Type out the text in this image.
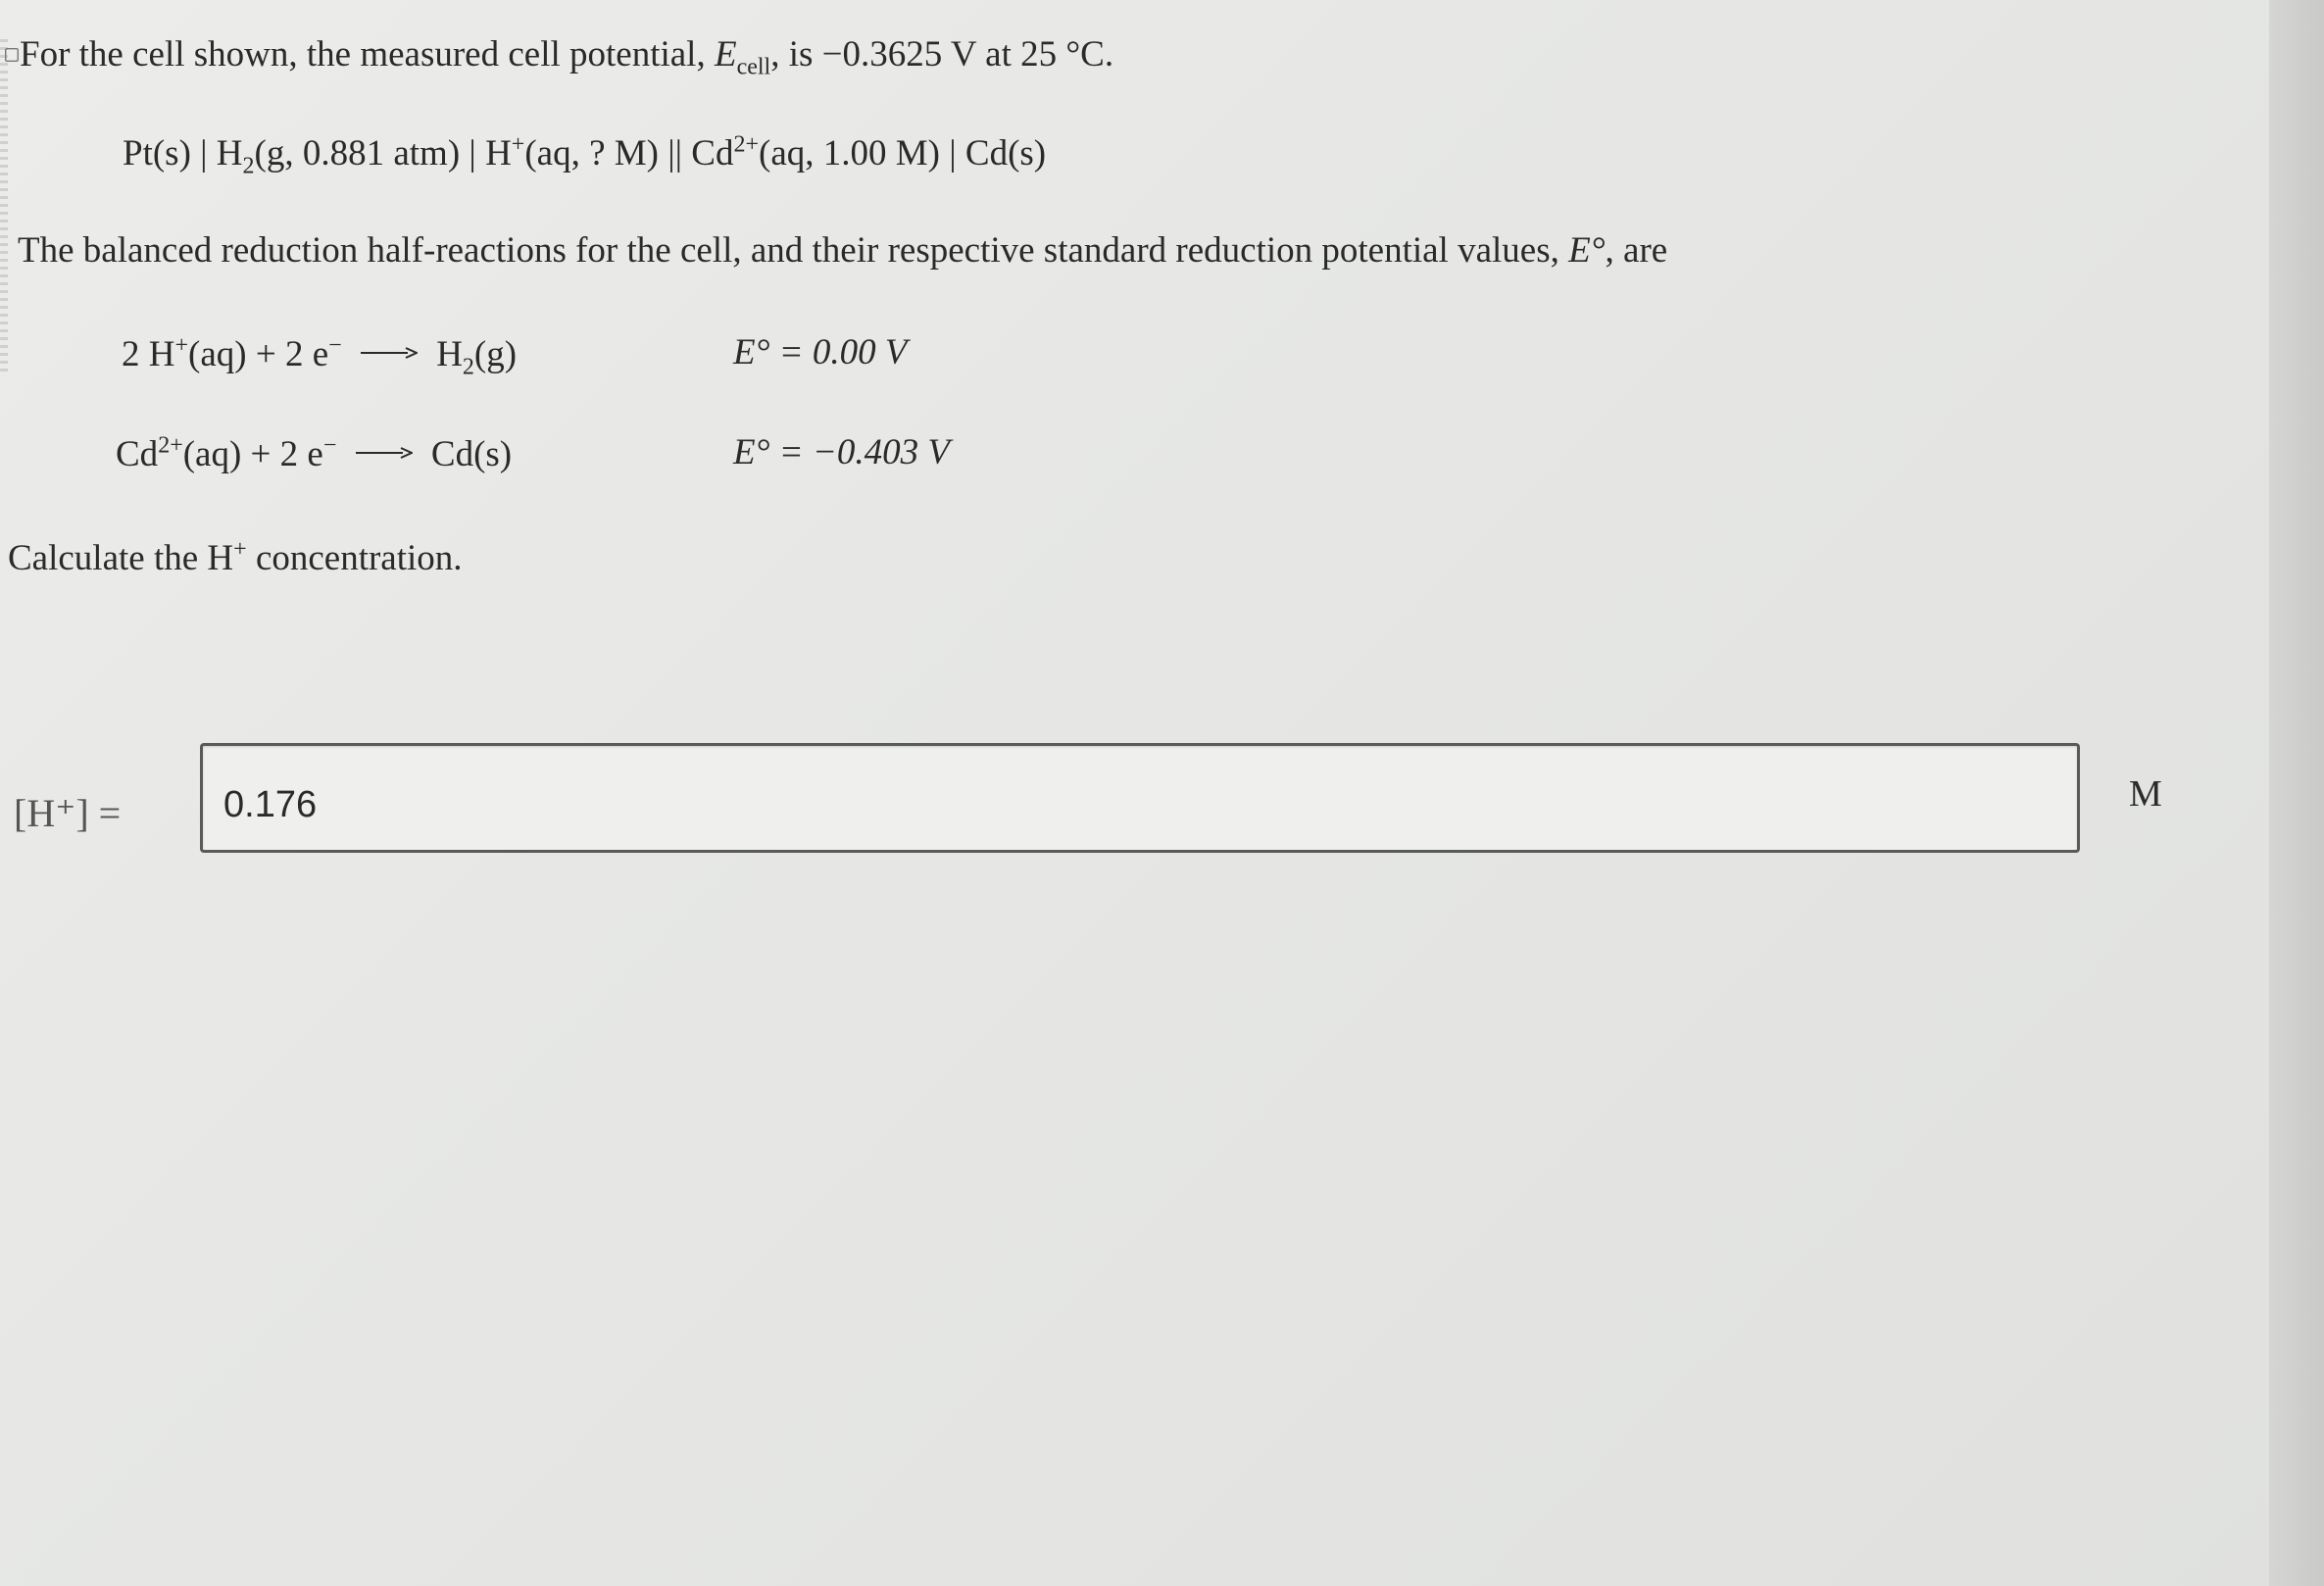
For the cell shown, the measured cell potential, $E_{cell}$, is −0.3625 V at 25 °C.
Pt(s) | $H_2(g$, 0.881 atm) | H+(aq, ? M) || $Cd^{2+}(aq$, 1.00 M) | Cd(s)
The balanced reduction half-reactions for the cell, and their respective standard reduction potential values, E°, are
2 H+(aq) + 2 $e^- \to H_2(g)$	E° = 0.00 V
$Cd^{2+}(aq) + 2$ e− → Cd(s)	E° = −0.403 V
Calculate the H+ concentration.
[H⁺] =	0.176	M
